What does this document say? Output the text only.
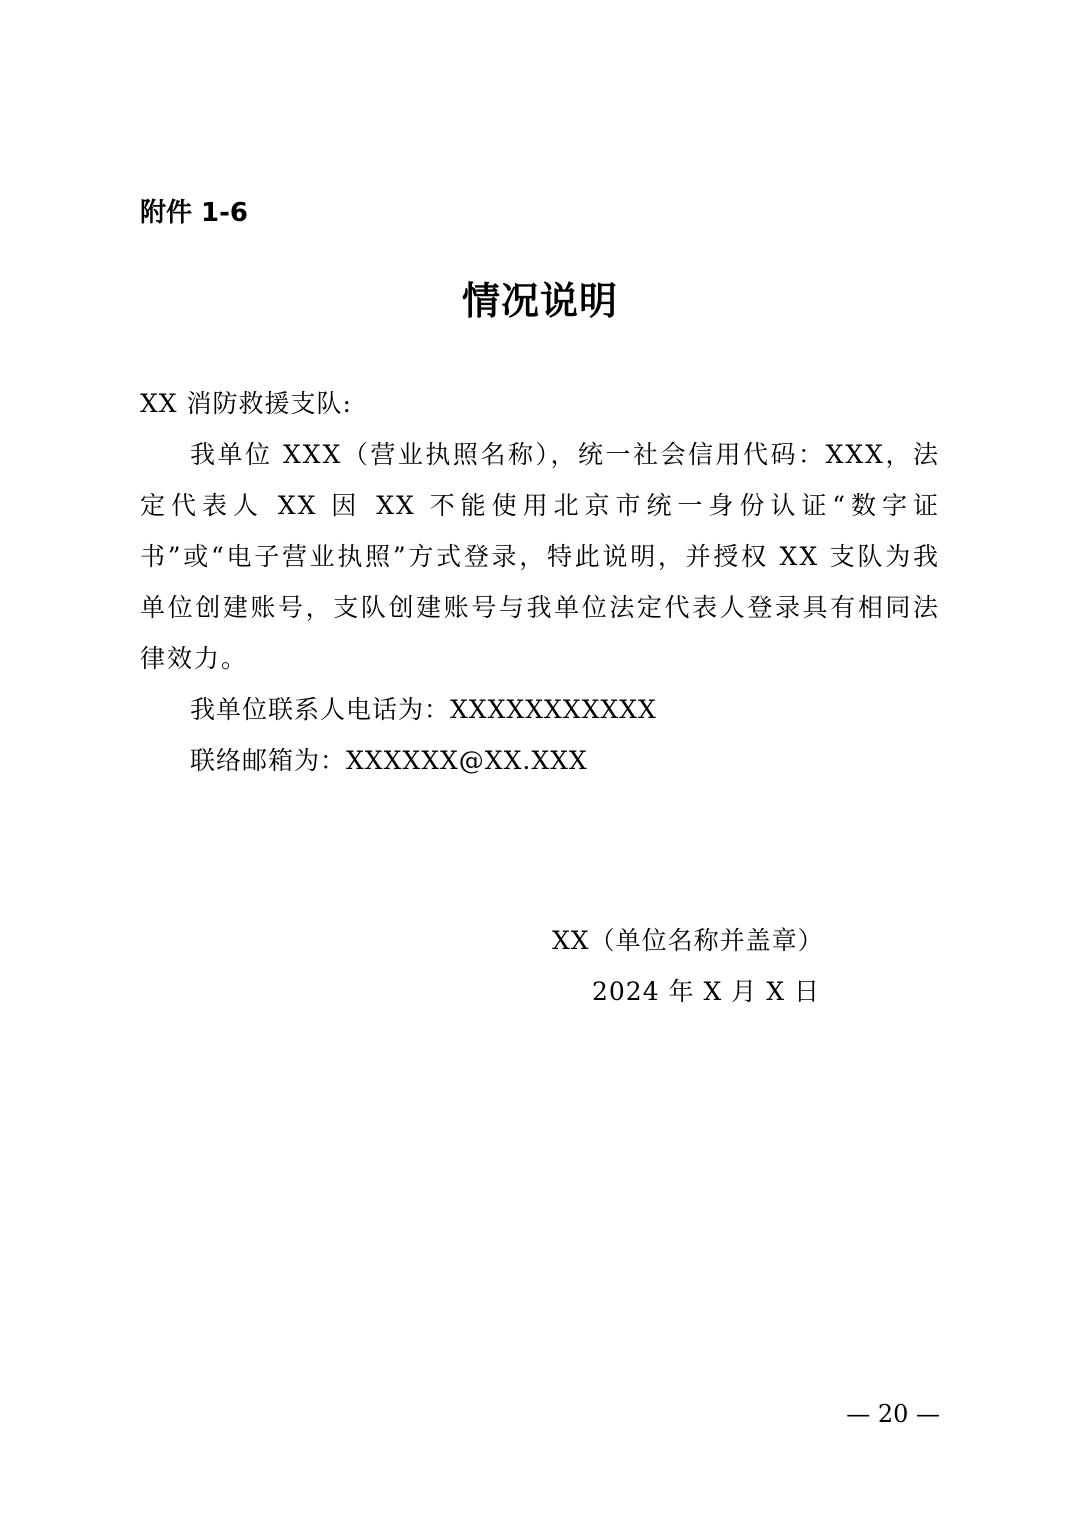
附件 1-6
情况说明

XX 消防救援支队:

我单位 XXX（营业执照名称），统一社会信用代码：XXX，法定代表人 XX 因 XX 不能使用北京市统一身份认证“数字证书”或“电子营业执照”方式登录，特此说明，并授权 XX 支队为我单位创建账号，支队创建账号与我单位法定代表人登录具有相同法律效力。

我单位联系人电话为：XXXXXXXXXXX

联络邮箱为：XXXXXX@XX.XXX

XX（单位名称并盖章）
2024 年 X 月 X 日
— 20 —
